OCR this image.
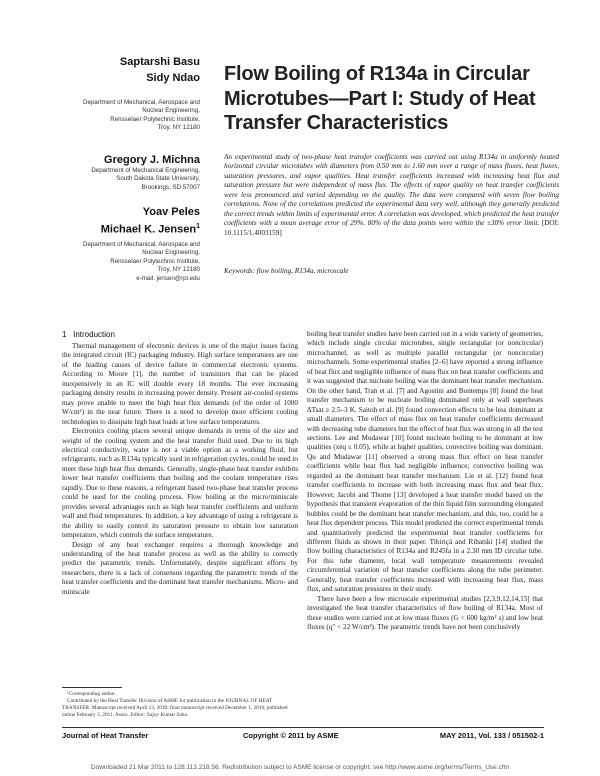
Saptarshi Basu
Sidy Ndao
Department of Mechanical, Aerospace and
Nuclear Engineering,
Rensselaer Polytechnic Institute,
Troy, NY 12180
Gregory J. Michna
Department of Mechanical Engineering,
South Dakota State University,
Brookings, SD 57007
Yoav Peles
Michael K. Jensen$^1$
Department of Mechanical, Aerospace and
Nuclear Engineering,
Rensselaer Polytechnic Institute,
Troy, NY 12180
e-mail: jensen@rpi.edu
Flow Boiling of R134a in Circular
Microtubes—Part I: Study of Heat
Transfer Characteristics
An experimental study of two-phase heat transfer coefficients was carried out using R134a in uniformly heated horizontal circular microtubes with diameters from 0.50 mm to 1.60 mm over a range of mass fluxes, heat fluxes, saturation pressures, and vapor qualities. Heat transfer coefficients increased with increasing heat flux and saturation pressure but were independent of mass flux. The effects of vapor quality on heat transfer coefficients were less pronounced and varied depending on the quality. The data were compared with seven flow boiling correlations. None of the correlations predicted the experimental data very well, although they generally predicted the correct trends within limits of experimental error. A correlation was developed, which predicted the heat transfer coefficients with a mean average error of 29%. 80% of the data points were within the ±30% error limit. [DOI: 10.1115/1.4003159]
Keywords: flow boiling, R134a, microscale
1 Introduction

Thermal management of electronic devices is one of the major issues facing the integrated circuit (IC) packaging industry. High surface temperatures are one of the leading causes of device failure in commercial electronic systems. According to Moore [1], the number of transistors that can be placed inexpensively in an IC will double every 18 months. The ever increasing packaging density results in increasing power density. Present air-cooled systems may prove unable to meet the high heat flux demands (of the order of 1000 W/cm²) in the near future. There is a need to develop more efficient cooling technologies to dissipate high heat loads at low surface temperatures.

Electronics cooling places several unique demands in terms of the size and weight of the cooling system and the heat transfer fluid used. Due to its high electrical conductivity, water is not a viable option as a working fluid, but refrigerants, such as R134a typically used in refrigeration cycles, could be used to meet these high heat flux demands. Generally, single-phase heat transfer exhibits lower heat transfer coefficients than boiling and the coolant temperature rises rapidly. Due to these reasons, a refrigerant based two-phase heat transfer process could be used for the cooling process. Flow boiling at the micro/miniscale provides several advantages such as high heat transfer coefficients and uniform wall and fluid temperatures. In addition, a key advantage of using a refrigerant is the ability to easily control its saturation pressure to obtain low saturation temperature, which controls the surface temperature.

Design of any heat exchanger requires a thorough knowledge and understanding of the heat transfer process as well as the ability to correctly predict the parametric trends. Unfortunately, despite significant efforts by researchers, there is a lack of consensus regarding the parametric trends of the heat transfer coefficients and the dominant heat transfer mechanisms. Micro- and miniscale

¹Corresponding author.
Contributed by the Heat Transfer Division of ASME for publication in the JOURNAL OF HEAT TRANSFER. Manuscript received April 13, 2010; final manuscript received December 1, 2010; published online February 3, 2011. Assoc. Editor: Sujoy Kumar Saha.

boiling heat transfer studies have been carried out in a wide variety of geometries, which include single circular microtubes, single rectangular (or noncircular) microchannel, as well as multiple parallel rectangular (or noncircular) microchannels. Some experimental studies [2–6] have reported a strong influence of heat flux and negligible influence of mass flux on heat transfer coefficients and it was suggested that nucleate boiling was the dominant heat transfer mechanism. On the other hand, Tran et al. [7] and Agostini and Bontemps [8] found the heat transfer mechanism to be nucleate boiling dominated only at wall superheats ΔTsat ≥ 2.5–3 K. Saitoh et al. [9] found convection effects to be less dominant at small diameters. The effect of mass flux on heat transfer coefficients decreased with decreasing tube diameters but the effect of heat flux was strong in all the test sections. Lee and Mudawar [10] found nucleate boiling to be dominant at low qualities (xeq ≤ 0.05), while at higher qualities, convective boiling was dominant. Qu and Mudawar [11] observed a strong mass flux effect on heat transfer coefficients while heat flux had negligible influence; convective boiling was regarded as the dominant heat transfer mechanism. Lie et al. [12] found heat transfer coefficients to increase with both increasing mass flux and heat flux. However, Jacobi and Thome [13] developed a heat transfer model based on the hypothesis that transient evaporation of the thin liquid film surrounding elongated bubbles could be the dominant heat transfer mechanism, and this, too, could be a heat flux dependent process. This model predicted the correct experimental trends and quantitatively predicted the experimental heat transfer coefficients for different fluids as shown in their paper. Tibiriçá and Ribatski [14] studied the flow boiling characteristics of R134a and R245fa in a 2.30 mm ID circular tube. For this tube diameter, local wall temperature measurements revealed circumferential variation of heat transfer coefficients along the tube perimeter. Generally, heat transfer coefficients increased with increasing heat flux, mass flux, and saturation pressures in their study.

There have been a few microscale experimental studies [2,3,9,12,14,15] that investigated the heat transfer characteristics of flow boiling of R134a. Most of these studies were carried out at low mass fluxes (G < 600 kg/m² s) and low heat fluxes (q″ < 22 W/cm²). The parametric trends have not been conclusively

Journal of Heat Transfer	Copyright © 2011 by ASME	MAY 2011, Vol. 133 / 051502-1
Downloaded 21 Mar 2011 to 128.113.218.56. Redistribution subject to ASME license or copyright; see http://www.asme.org/terms/Terms_Use.cfm
